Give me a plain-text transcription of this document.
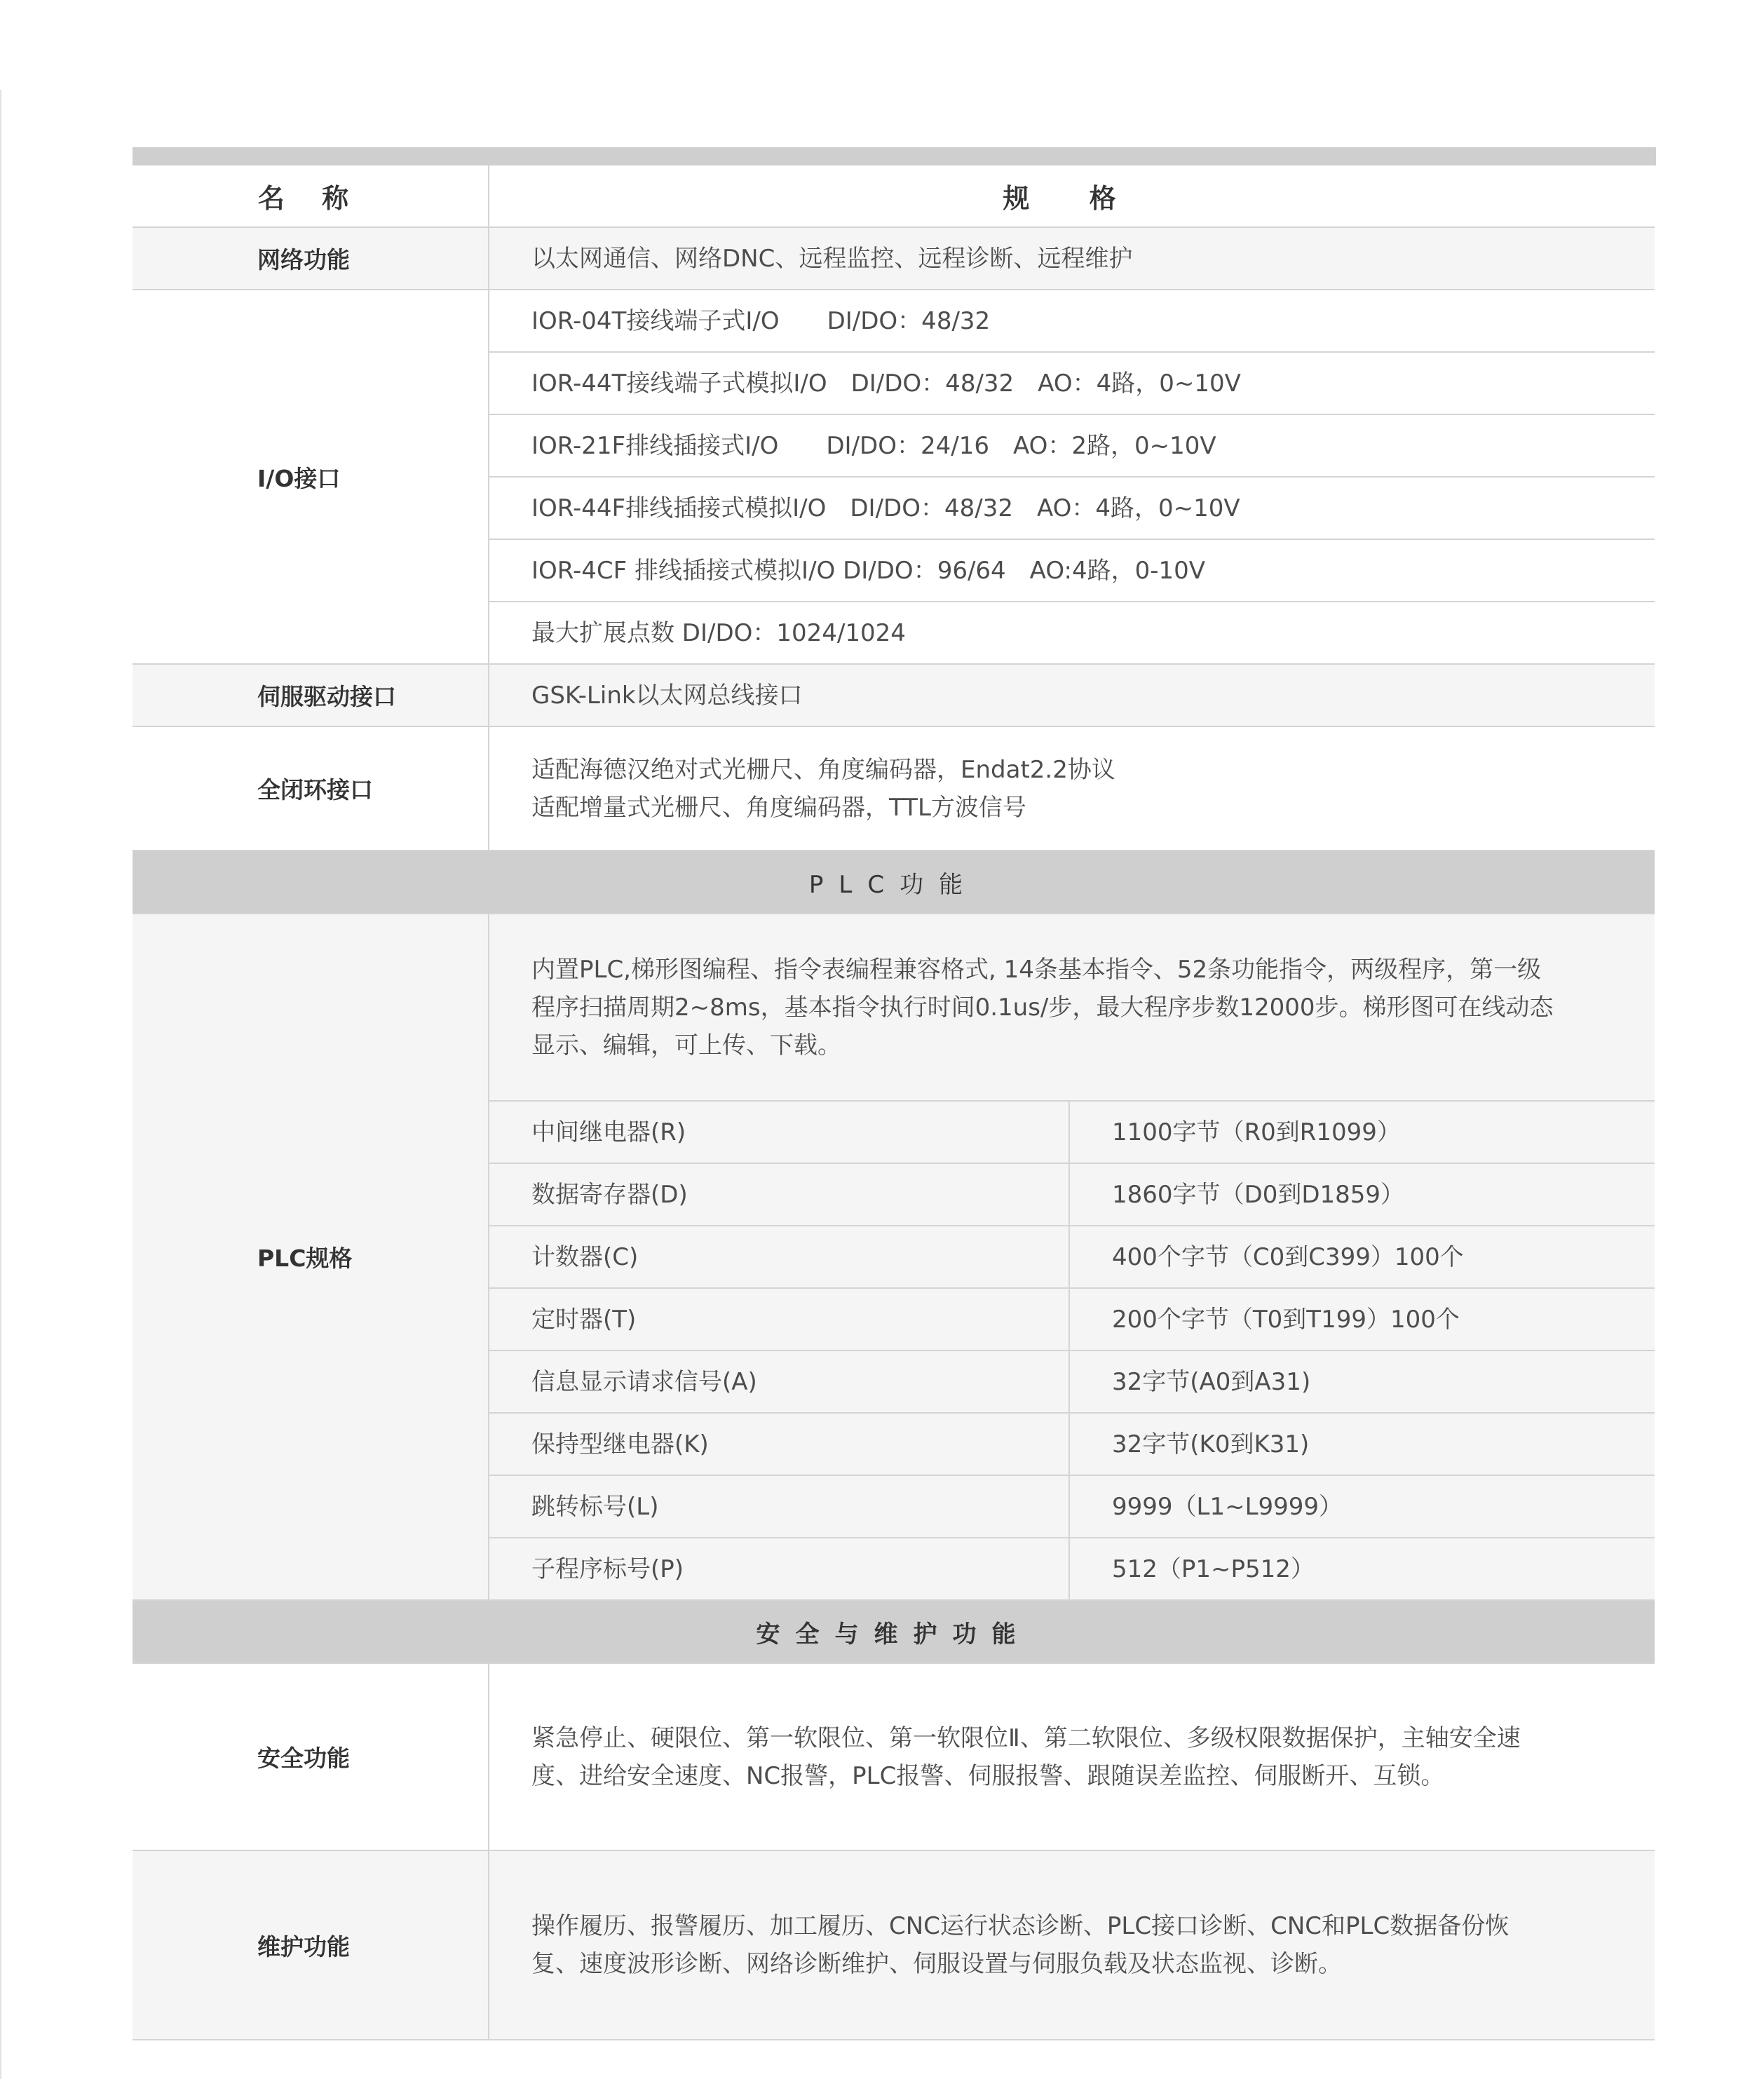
名 称	规 格	
网络功能	以太网通信、网络DNC、远程监控、远程诊断、远程维护	
I/O接口	IOR-04T接线端子式I/O　　DI/DO：48/32	
	IOR-44T接线端子式模拟I/O　DI/DO：48/32　AO：4路，0~10V	
	IOR-21F排线插接式I/O　　DI/DO：24/16　AO：2路，0~10V	
	IOR-44F排线插接式模拟I/O　DI/DO：48/32　AO：4路，0~10V	
	IOR-4CF 排线插接式模拟I/O DI/DO：96/64　AO:4路，0-10V	
	最大扩展点数 DI/DO：1024/1024	
伺服驱动接口	GSK-Link以太网总线接口	
全闭环接口	适配海德汉绝对式光栅尺、角度编码器，Endat2.2协议
适配增量式光栅尺、角度编码器，TTL方波信号	

PLC功能		
PLC规格	内置PLC,梯形图编程、指令表编程兼容格式, 14条基本指令、52条功能指令，两级程序，第一级
程序扫描周期2~8ms，基本指令执行时间0.1us/步，最大程序步数12000步。梯形图可在线动态
显示、编辑，可上传、下载。	

	中间继电器(R)	1100字节（R0到R1099）
	数据寄存器(D)	1860字节（D0到D1859）
	计数器(C)	400个字节（C0到C399）100个
	定时器(T)	200个字节（T0到T199）100个
	信息显示请求信号(A)	32字节(A0到A31)
	保持型继电器(K)	32字节(K0到K31)
	跳转标号(L)	9999（L1~L9999）
	子程序标号(P)	512（P1~P512）
安全与维护功能		
安全功能	紧急停止、硬限位、第一软限位、第一软限位Ⅱ、第二软限位、多级权限数据保护，主轴安全速
度、进给安全速度、NC报警，PLC报警、伺服报警、跟随误差监控、伺服断开、互锁。	

维护功能	操作履历、报警履历、加工履历、CNC运行状态诊断、PLC接口诊断、CNC和PLC数据备份恢
复、速度波形诊断、网络诊断维护、伺服设置与伺服负载及状态监视、诊断。	
